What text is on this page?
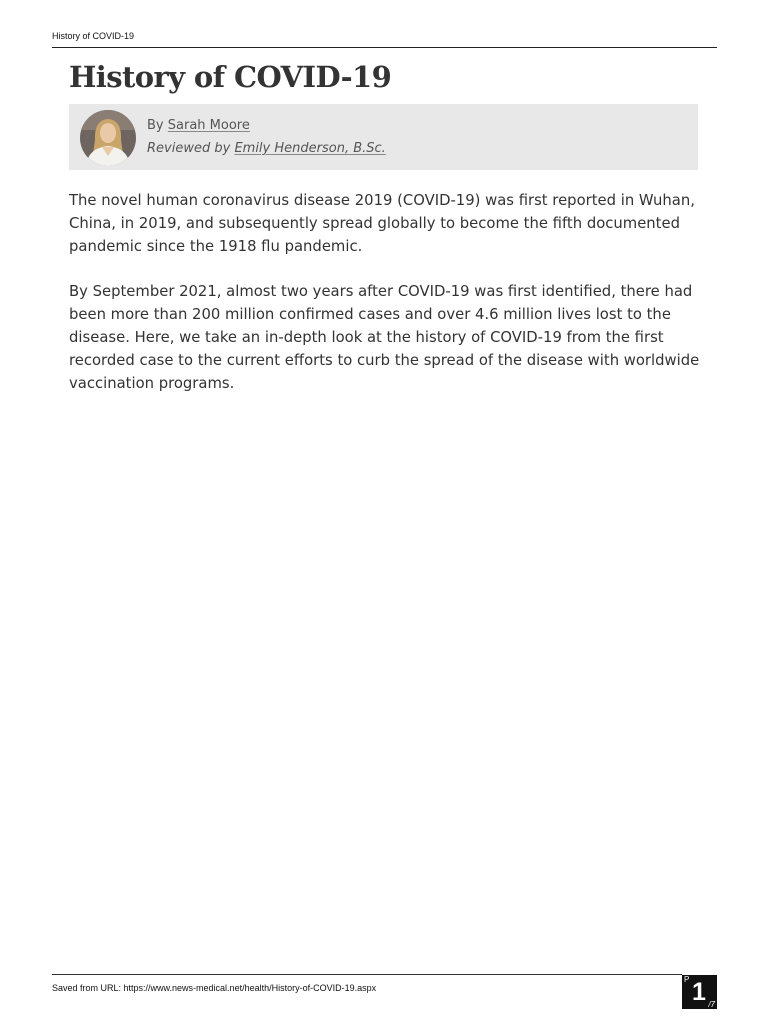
History of COVID-19
History of COVID-19
By Sarah Moore
Reviewed by Emily Henderson, B.Sc.

The novel human coronavirus disease 2019 (COVID-19) was first reported in Wuhan, China, in 2019, and subsequently spread globally to become the fifth documented pandemic since the 1918 flu pandemic.

By September 2021, almost two years after COVID-19 was first identified, there had been more than 200 million confirmed cases and over 4.6 million lives lost to the disease. Here, we take an in-depth look at the history of COVID-19 from the first recorded case to the current efforts to curb the spread of the disease with worldwide vaccination programs.

Saved from URL: https://www.news-medical.net/health/History-of-COVID-19.aspx
P 1 /7
